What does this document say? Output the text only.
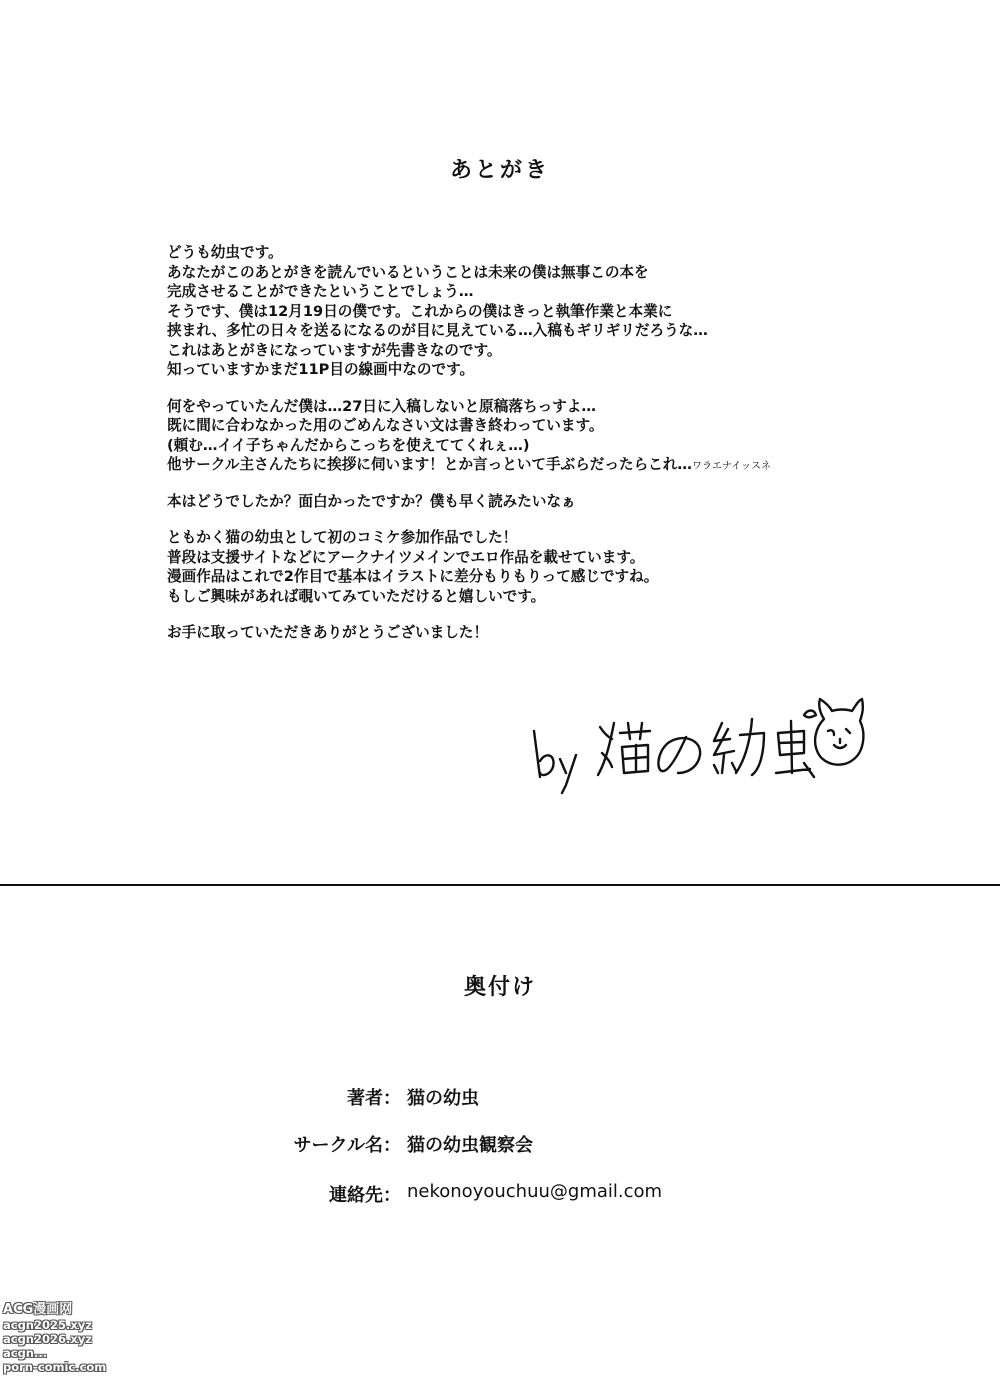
あとがき
どうも幼虫です。
あなたがこのあとがきを読んでいるということは未来の僕は無事この本を
完成させることができたということでしょう…
そうです、僕は12月19日の僕です。これからの僕はきっと執筆作業と本業に
挟まれ、多忙の日々を送るになるのが目に見えている…入稿もギリギリだろうな…
これはあとがきになっていますが先書きなのです。
知っていますかまだ11P目の線画中なのです。
何をやっていたんだ僕は…27日に入稿しないと原稿落ちっすよ…
既に間に合わなかった用のごめんなさい文は書き終わっています。
(頼む…イイ子ちゃんだからこっちを使えててくれぇ…)
他サークル主さんたちに挨拶に伺います！とか言っといて手ぶらだったらこれ…ワラエナイッスネ
本はどうでしたか？面白かったですか？僕も早く読みたいなぁ
ともかく猫の幼虫として初のコミケ参加作品でした！
普段は支援サイトなどにアークナイツメインでエロ作品を載せています。
漫画作品はこれで2作目で基本はイラストに差分もりもりって感じですね。
もしご興味があれば覗いてみていただけると嬉しいです。
お手に取っていただきありがとうございました！
奥付け
著者 ： 猫の幼虫
サークル名 ： 猫の幼虫観察会
連絡先 ： nekonoyouchuu@gmail.com
ACG漫画网
acgn2025.xyz
acgn2026.xyz
acgn...
porn-comic.com
